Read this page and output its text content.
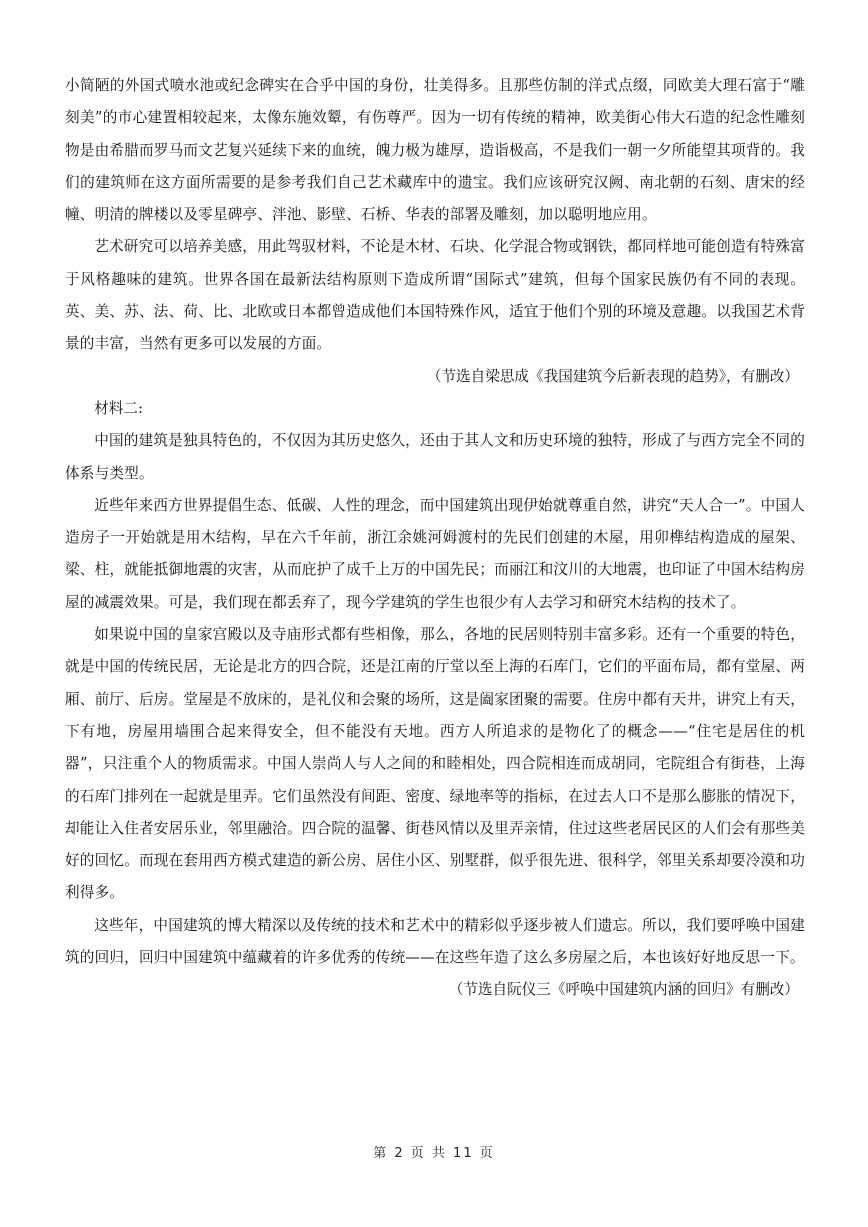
小简陋的外国式喷水池或纪念碑实在合乎中国的身份，壮美得多。且那些仿制的洋式点缀，同欧美大理石富于“雕刻美”的市心建置相较起来，太像东施效颦，有伤尊严。因为一切有传统的精神，欧美街心伟大石造的纪念性雕刻物是由希腊而罗马而文艺复兴延续下来的血统，魄力极为雄厚，造诣极高，不是我们一朝一夕所能望其项背的。我们的建筑师在这方面所需要的是参考我们自己艺术藏库中的遗宝。我们应该研究汉阙、南北朝的石刻、唐宋的经幢、明清的牌楼以及零星碑亭、泮池、影壁、石桥、华表的部署及雕刻，加以聪明地应用。

艺术研究可以培养美感，用此驾驭材料，不论是木材、石块、化学混合物或钢铁，都同样地可能创造有特殊富于风格趣味的建筑。世界各国在最新法结构原则下造成所谓“国际式”建筑，但每个国家民族仍有不同的表现。英、美、苏、法、荷、比、北欧或日本都曾造成他们本国特殊作风，适宜于他们个别的环境及意趣。以我国艺术背景的丰富，当然有更多可以发展的方面。

（节选自梁思成《我国建筑今后新表现的趋势》，有删改）

材料二:

中国的建筑是独具特色的，不仅因为其历史悠久，还由于其人文和历史环境的独特，形成了与西方完全不同的体系与类型。

近些年来西方世界提倡生态、低碳、人性的理念，而中国建筑出现伊始就尊重自然，讲究“天人合一”。中国人造房子一开始就是用木结构，早在六千年前，浙江余姚河姆渡村的先民们创建的木屋，用卯榫结构造成的屋架、梁、柱，就能抵御地震的灾害，从而庇护了成千上万的中国先民；而丽江和汶川的大地震，也印证了中国木结构房屋的减震效果。可是，我们现在都丢弃了，现今学建筑的学生也很少有人去学习和研究木结构的技术了。

如果说中国的皇家宫殿以及寺庙形式都有些相像，那么，各地的民居则特别丰富多彩。还有一个重要的特色，就是中国的传统民居，无论是北方的四合院，还是江南的厅堂以至上海的石库门，它们的平面布局，都有堂屋、两厢、前厅、后房。堂屋是不放床的，是礼仪和会聚的场所，这是阖家团聚的需要。住房中都有天井，讲究上有天，下有地，房屋用墙围合起来得安全，但不能没有天地。西方人所追求的是物化了的概念——“住宅是居住的机器”，只注重个人的物质需求。中国人崇尚人与人之间的和睦相处，四合院相连而成胡同，宅院组合有街巷，上海的石库门排列在一起就是里弄。它们虽然没有间距、密度、绿地率等的指标，在过去人口不是那么膨胀的情况下，却能让入住者安居乐业，邻里融洽。四合院的温馨、街巷风情以及里弄亲情，住过这些老居民区的人们会有那些美好的回忆。而现在套用西方模式建造的新公房、居住小区、别墅群，似乎很先进、很科学，邻里关系却要冷漠和功利得多。

这些年，中国建筑的博大精深以及传统的技术和艺术中的精彩似乎逐步被人们遗忘。所以，我们要呼唤中国建筑的回归，回归中国建筑中蕴藏着的许多优秀的传统——在这些年造了这么多房屋之后，本也该好好地反思一下。

（节选自阮仪三《呼唤中国建筑内涵的回归》有删改）

第 2 页 共 11 页
